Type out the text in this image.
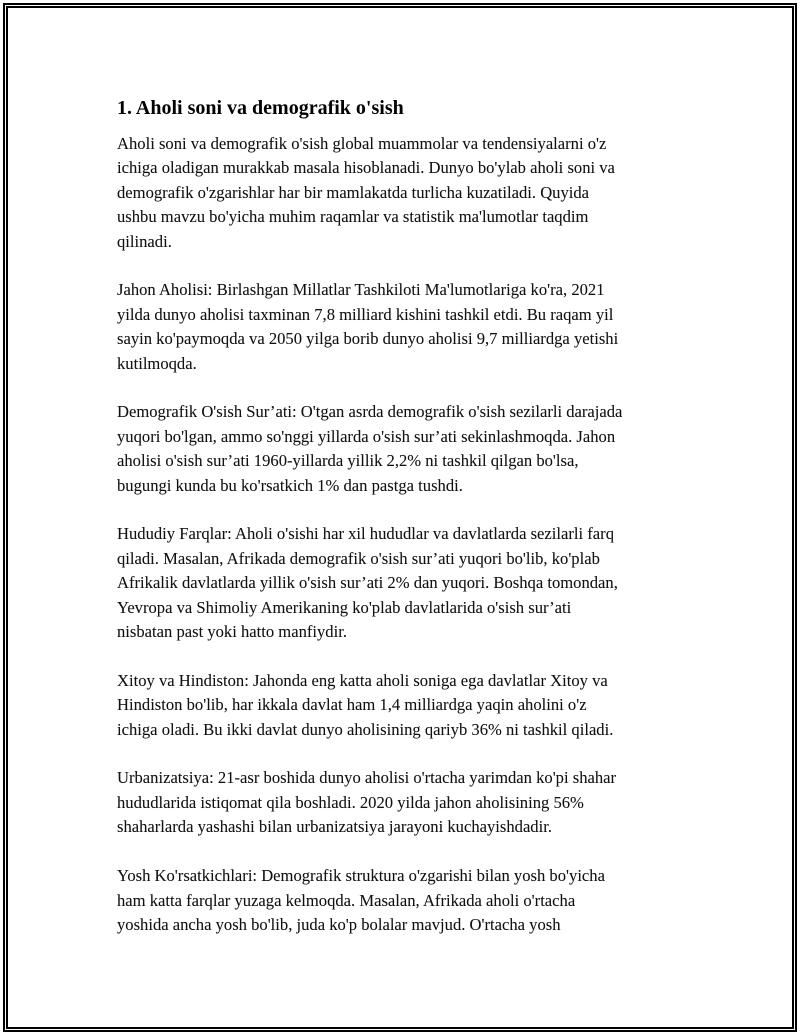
1. Aholi soni va demografik o'sish

Aholi soni va demografik o'sish global muammolar va tendensiyalarni o'z
ichiga oladigan murakkab masala hisoblanadi. Dunyo bo'ylab aholi soni va
demografik o'zgarishlar har bir mamlakatda turlicha kuzatiladi. Quyida
ushbu mavzu bo'yicha muhim raqamlar va statistik ma'lumotlar taqdim
qilinadi.

Jahon Aholisi: Birlashgan Millatlar Tashkiloti Ma'lumotlariga ko'ra, 2021
yilda dunyo aholisi taxminan 7,8 milliard kishini tashkil etdi. Bu raqam yil
sayin ko'paymoqda va 2050 yilga borib dunyo aholisi 9,7 milliardga yetishi
kutilmoqda.

Demografik O'sish Sur’ati: O'tgan asrda demografik o'sish sezilarli darajada
yuqori bo'lgan, ammo so'nggi yillarda o'sish sur’ati sekinlashmoqda. Jahon
aholisi o'sish sur’ati 1960-yillarda yillik 2,2% ni tashkil qilgan bo'lsa,
bugungi kunda bu ko'rsatkich 1% dan pastga tushdi.

Hududiy Farqlar: Aholi o'sishi har xil hududlar va davlatlarda sezilarli farq
qiladi. Masalan, Afrikada demografik o'sish sur’ati yuqori bo'lib, ko'plab
Afrikalik davlatlarda yillik o'sish sur’ati 2% dan yuqori. Boshqa tomondan,
Yevropa va Shimoliy Amerikaning ko'plab davlatlarida o'sish sur’ati
nisbatan past yoki hatto manfiydir.

Xitoy va Hindiston: Jahonda eng katta aholi soniga ega davlatlar Xitoy va
Hindiston bo'lib, har ikkala davlat ham 1,4 milliardga yaqin aholini o'z
ichiga oladi. Bu ikki davlat dunyo aholisining qariyb 36% ni tashkil qiladi.

Urbanizatsiya: 21-asr boshida dunyo aholisi o'rtacha yarimdan ko'pi shahar
hududlarida istiqomat qila boshladi. 2020 yilda jahon aholisining 56%
shaharlarda yashashi bilan urbanizatsiya jarayoni kuchayishdadir.

Yosh Ko'rsatkichlari: Demografik struktura o'zgarishi bilan yosh bo'yicha
ham katta farqlar yuzaga kelmoqda. Masalan, Afrikada aholi o'rtacha
yoshida ancha yosh bo'lib, juda ko'p bolalar mavjud. O'rtacha yosh
